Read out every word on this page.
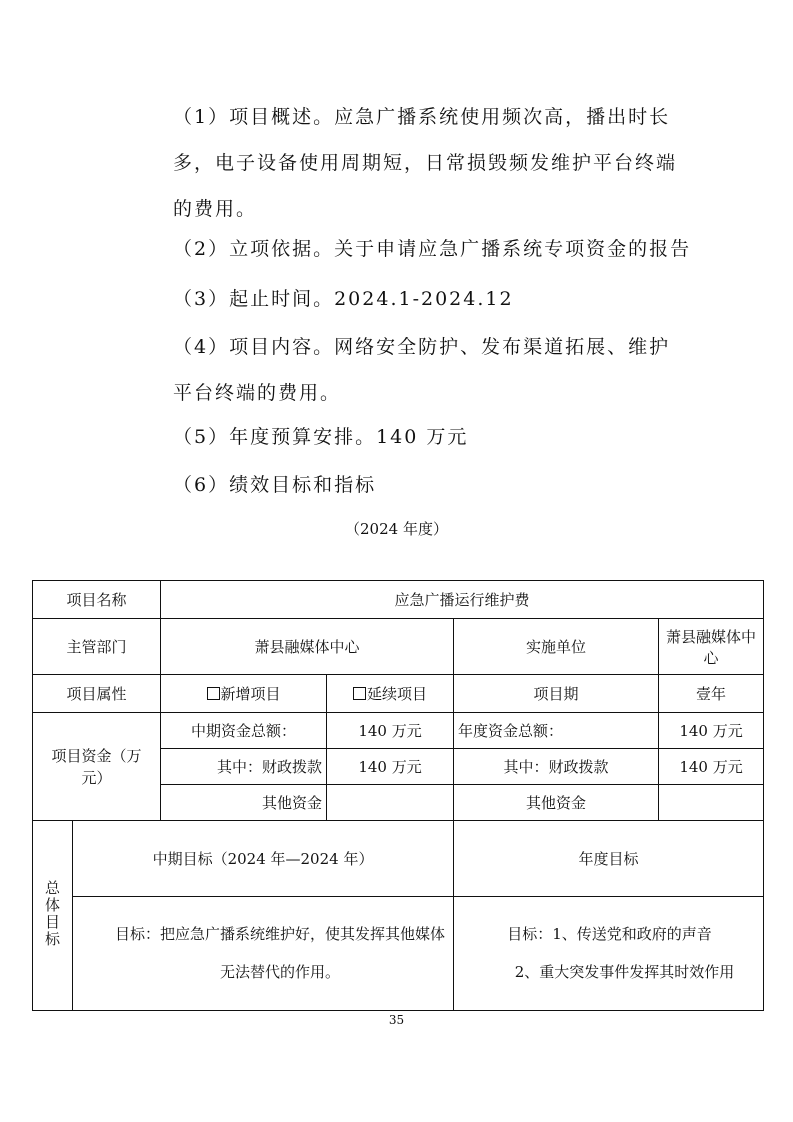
（1）项目概述。应急广播系统使用频次高，播出时长多，电子设备使用周期短，日常损毁频发维护平台终端的费用。
（2）立项依据。关于申请应急广播系统专项资金的报告
（3）起止时间。2024.1-2024.12
（4）项目内容。网络安全防护、发布渠道拓展、维护平台终端的费用。
（5）年度预算安排。140 万元
（6）绩效目标和指标
（2024 年度）
项目名称		应急广播运行维护费			
主管部门		萧县融媒体中心		实施单位	萧县融媒体中心
项目属性		新增项目	延续项目	项目期	壹年
项目资金（万元）		中期资金总额：	140 万元	年度资金总额：	140 万元
		其中：财政拨款	140 万元	其中：财政拨款	140 万元
		其他资金		其他资金	
总体目标	中期目标（2024 年—2024 年）			年度目标	

	目标：把应急广播系统维护好，使其发挥其他媒体无法替代的作用。			目标：1、传送党和政府的声音
2、重大突发事件发挥其时效作用	
35
